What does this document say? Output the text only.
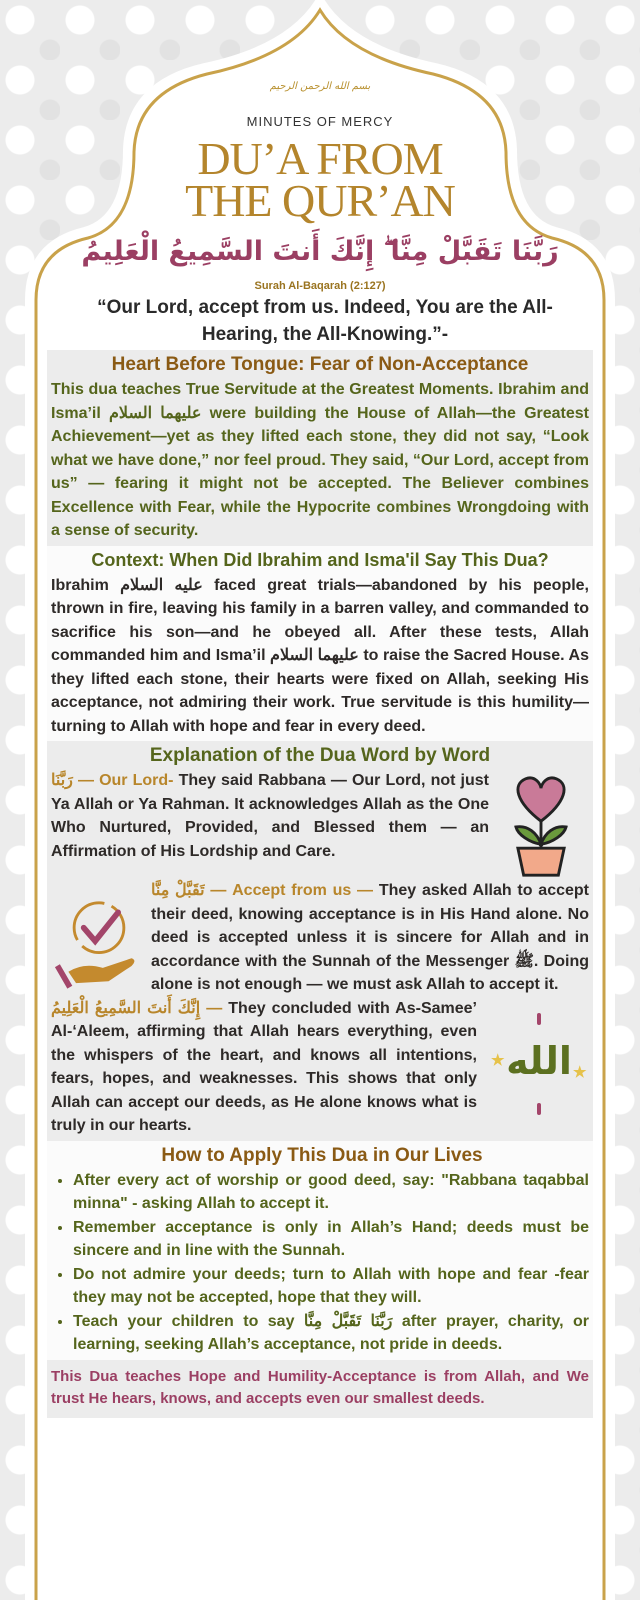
بسم الله الرحمن الرحيم
MINUTES OF MERCY
DU’A FROM
THE QUR’AN
رَبَّنَا تَقَبَّلْ مِنَّا ۖ إِنَّكَ أَنتَ السَّمِيعُ الْعَلِيمُ
Surah Al-Baqarah (2:127)
“Our Lord, accept from us. Indeed, You are the All-Hearing, the All-Knowing.”-
Heart Before Tongue: Fear of Non-Acceptance
This dua teaches True Servitude at the Greatest Moments. Ibrahim and Isma’il عليهما السلام were building the House of Allah—the Greatest Achievement—yet as they lifted each stone, they did not say, “Look what we have done,” nor feel proud. They said, “Our Lord, accept from us” — fearing it might not be accepted. The Believer combines Excellence with Fear, while the Hypocrite combines Wrongdoing with a sense of security.
Context: When Did Ibrahim and Isma'il Say This Dua?
Ibrahim عليه السلام faced great trials—abandoned by his people, thrown in fire, leaving his family in a barren valley, and commanded to sacrifice his son—and he obeyed all. After these tests, Allah commanded him and Isma’il عليهما السلام to raise the Sacred House. As they lifted each stone, their hearts were fixed on Allah, seeking His acceptance, not admiring their work. True servitude is this humility—turning to Allah with hope and fear in every deed.
Explanation of the Dua Word by Word
رَبَّنَا — Our Lord- They said Rabbana — Our Lord, not just Ya Allah or Ya Rahman. It acknowledges Allah as the One Who Nurtured, Provided, and Blessed them — an Affirmation of His Lordship and Care.
تَقَبَّلْ مِنَّا — Accept from us — They asked Allah to accept their deed, knowing acceptance is in His Hand alone. No deed is accepted unless it is sincere for Allah and in accordance with the Sunnah of the Messenger ﷺ. Doing alone is not enough — we must ask Allah to accept it.
الله
★
★
إِنَّكَ أَنتَ السَّمِيعُ الْعَلِيمُ — They concluded with As-Samee’ Al-‘Aleem, affirming that Allah hears everything, even the whispers of the heart, and knows all intentions, fears, hopes, and weaknesses. This shows that only Allah can accept our deeds, as He alone knows what is truly in our hearts.
How to Apply This Dua in Our Lives
• After every act of worship or good deed, say: "Rabbana taqabbal minna" - asking Allah to accept it.
• Remember acceptance is only in Allah’s Hand; deeds must be sincere and in line with the Sunnah.
• Do not admire your deeds; turn to Allah with hope and fear -fear they may not be accepted, hope that they will.
• Teach your children to say رَبَّنَا تَقَبَّلْ مِنَّا after prayer, charity, or learning, seeking Allah’s acceptance, not pride in deeds.
This Dua teaches Hope and Humility-Acceptance is from Allah, and We trust He hears, knows, and accepts even our smallest deeds.
